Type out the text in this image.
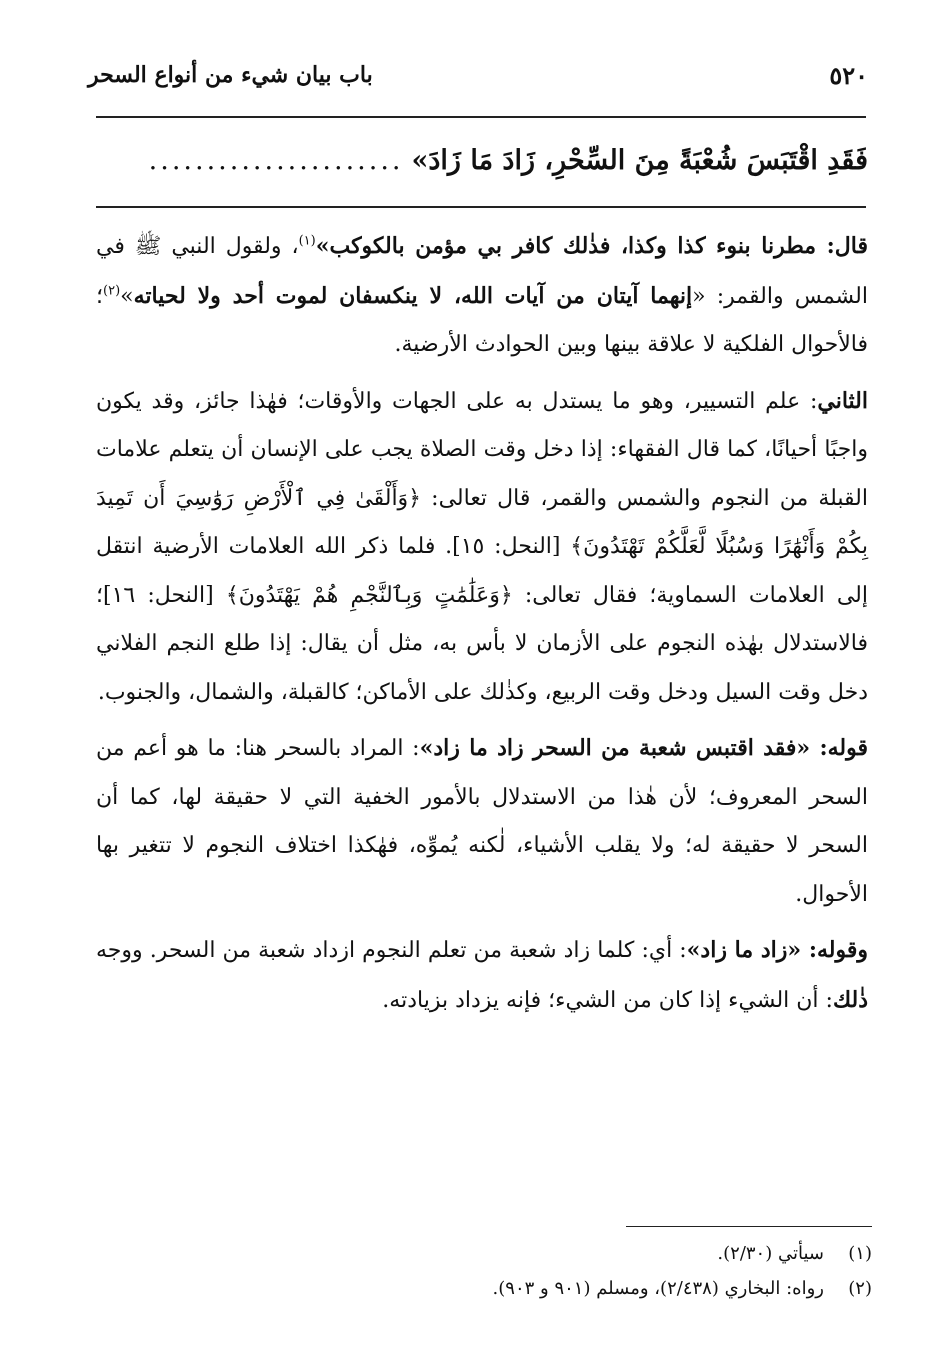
٥٢٠
باب بيان شيء من أنواع السحر
فَقَدِ اقْتَبَسَ شُعْبَةً مِنَ السِّحْرِ، زَادَ مَا زَادَ»
......................

قال: مطرنا بنوء كذا وكذا، فذٰلك كافر بي مؤمن بالكوكب»$^{(١)}$، ولقول النبي ﷺ في الشمس والقمر: «إنهما آيتان من آيات الله، لا ينكسفان لموت أحد ولا لحياته»$^{(٢)}$؛ فالأحوال الفلكية لا علاقة بينها وبين الحوادث الأرضية.

الثاني: علم التسيير، وهو ما يستدل به على الجهات والأوقات؛ فهٰذا جائز، وقد يكون واجبًا أحيانًا، كما قال الفقهاء: إذا دخل وقت الصلاة يجب على الإنسان أن يتعلم علامات القبلة من النجوم والشمس والقمر، قال تعالى: ﴿وَأَلْقَىٰ فِي ٱلْأَرْضِ رَوَٰسِيَ أَن تَمِيدَ بِكُمْ وَأَنْهَٰرًا وَسُبُلًا لَّعَلَّكُمْ تَهْتَدُونَ﴾ [النحل: ١٥]. فلما ذكر الله العلامات الأرضية انتقل إلى العلامات السماوية؛ فقال تعالى: ﴿وَعَلَٰمَٰتٍ وَبِٱلنَّجْمِ هُمْ يَهْتَدُونَ﴾ [النحل: ١٦]؛ فالاستدلال بهٰذه النجوم على الأزمان لا بأس به، مثل أن يقال: إذا طلع النجم الفلاني دخل وقت السيل ودخل وقت الربيع، وكذٰلك على الأماكن؛ كالقبلة، والشمال، والجنوب.

قوله: «فقد اقتبس شعبة من السحر زاد ما زاد»: المراد بالسحر هنا: ما هو أعم من السحر المعروف؛ لأن هٰذا من الاستدلال بالأمور الخفية التي لا حقيقة لها، كما أن السحر لا حقيقة له؛ ولا يقلب الأشياء، لٰكنه يُموِّه، فهٰكذا اختلاف النجوم لا تتغير بها الأحوال.

وقوله: «زاد ما زاد»: أي: كلما زاد شعبة من تعلم النجوم ازداد شعبة من السحر. ووجه ذٰلك: أن الشيء إذا كان من الشيء؛ فإنه يزداد بزيادته.

(١)
سيأتي (٢/٣٠).
(٢)
رواه: البخاري (٢/٤٣٨)، ومسلم (٩٠١ و ٩٠٣).
